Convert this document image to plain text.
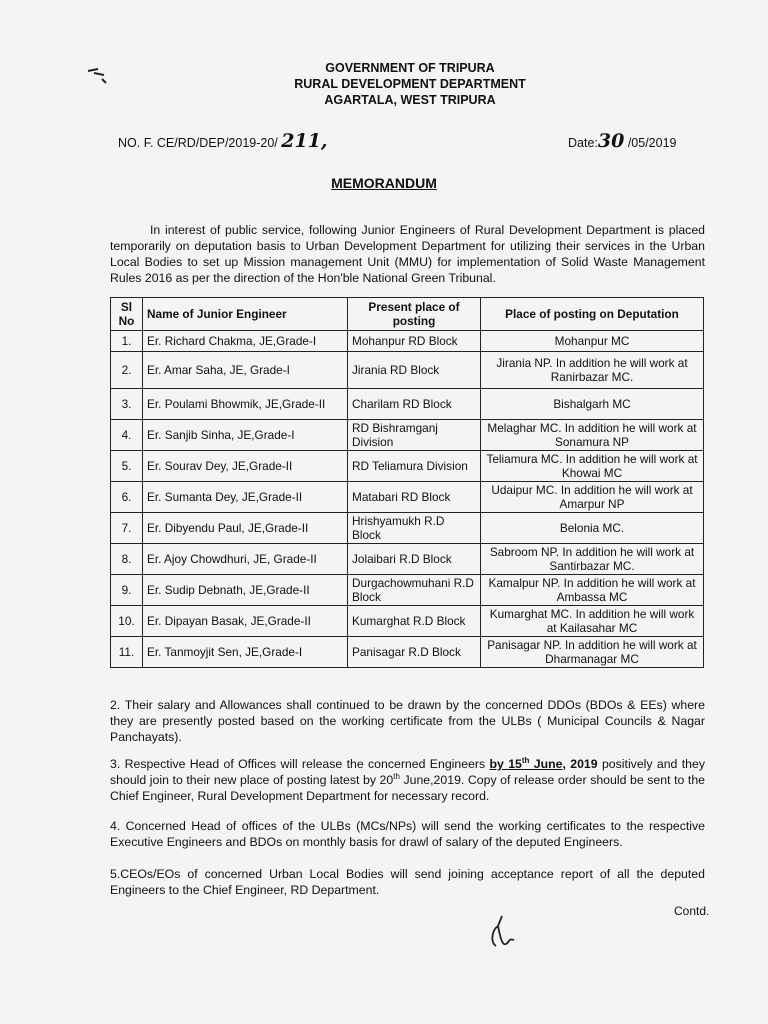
GOVERNMENT OF TRIPURA
RURAL DEVELOPMENT DEPARTMENT
AGARTALA, WEST TRIPURA
NO. F. CE/RD/DEP/2019-20/ 211,	Date:30 /05/2019
MEMORANDUM
In interest of public service, following Junior Engineers of Rural Development Department is placed temporarily on deputation basis to Urban Development Department for utilizing their services in the Urban Local Bodies to set up Mission management Unit (MMU) for implementation of Solid Waste Management Rules 2016 as per the direction of the Hon'ble National Green Tribunal.
Sl No	Name of Junior Engineer	Present place of posting	Place of posting on Deputation
1.	Er. Richard Chakma, JE,Grade-I	Mohanpur RD Block	Mohanpur MC
2.	Er. Amar Saha, JE, Grade-I	Jirania RD Block	Jirania NP. In addition he will work at Ranirbazar MC.
3.	Er. Poulami Bhowmik, JE,Grade-II	Charilam RD Block	Bishalgarh MC
4.	Er. Sanjib Sinha, JE,Grade-I	RD Bishramganj Division	Melaghar MC. In addition he will work at Sonamura NP
5.	Er. Sourav Dey, JE,Grade-II	RD Teliamura Division	Teliamura MC. In addition he will work at Khowai MC
6.	Er. Sumanta Dey, JE,Grade-II	Matabari RD Block	Udaipur MC. In addition he will work at Amarpur NP
7.	Er. Dibyendu Paul, JE,Grade-II	Hrishyamukh R.D Block	Belonia MC.
8.	Er. Ajoy Chowdhuri, JE, Grade-II	Jolaibari R.D Block	Sabroom NP. In addition he will work at Santirbazar MC.
9.	Er. Sudip Debnath, JE,Grade-II	Durgachowmuhani R.D Block	Kamalpur NP. In addition he will work at Ambassa MC
10.	Er. Dipayan Basak, JE,Grade-II	Kumarghat R.D Block	Kumarghat MC. In addition he will work at Kailasahar MC
11.	Er. Tanmoyjit Sen, JE,Grade-I	Panisagar R.D Block	Panisagar NP. In addition he will work at Dharmanagar MC
2. Their salary and Allowances shall continued to be drawn by the concerned DDOs (BDOs & EEs) where they are presently posted based on the working certificate from the ULBs ( Municipal Councils & Nagar Panchayats).
3. Respective Head of Offices will release the concerned Engineers by 15th June, 2019 positively and they should join to their new place of posting latest by 20th June,2019. Copy of release order should be sent to the Chief Engineer, Rural Development Department for necessary record.
4. Concerned Head of offices of the ULBs (MCs/NPs) will send the working certificates to the respective Executive Engineers and BDOs on monthly basis for drawl of salary of the deputed Engineers.
5.CEOs/EOs of concerned Urban Local Bodies will send joining acceptance report of all the deputed Engineers to the Chief Engineer, RD Department.
Contd.
